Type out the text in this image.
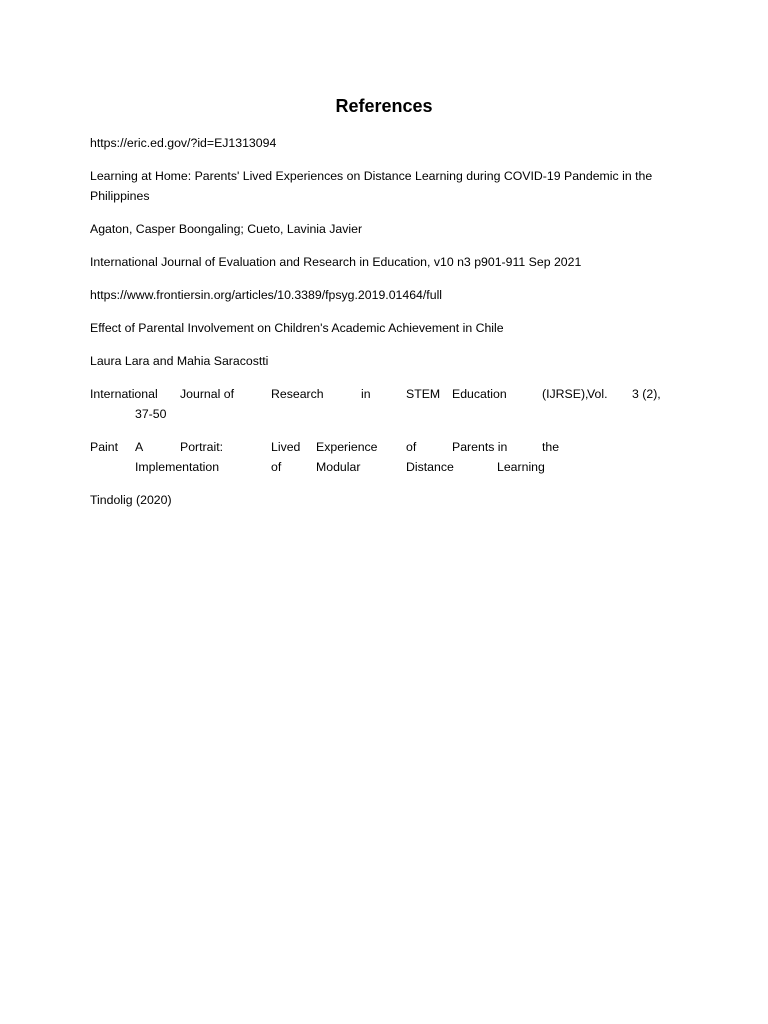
References

https://eric.ed.gov/?id=EJ1313094

Learning at Home: Parents' Lived Experiences on Distance Learning during COVID-19 Pandemic in the Philippines

Agaton, Casper Boongaling; Cueto, Lavinia Javier

International Journal of Evaluation and Research in Education, v10 n3 p901-911 Sep 2021

https://www.frontiersin.org/articles/10.3389/fpsyg.2019.01464/full

Effect of Parental Involvement on Children's Academic Achievement in Chile

Laura Lara and Mahia Saracostti

International Journal of	Research	in	STEM Education	(IJRSE),
Vol. 3 (2),
37-50
Paint A	Portrait:	Lived Experience of	Parents in	the
Implementation	of	Modular	Distance	Learning

Tindolig (2020)
